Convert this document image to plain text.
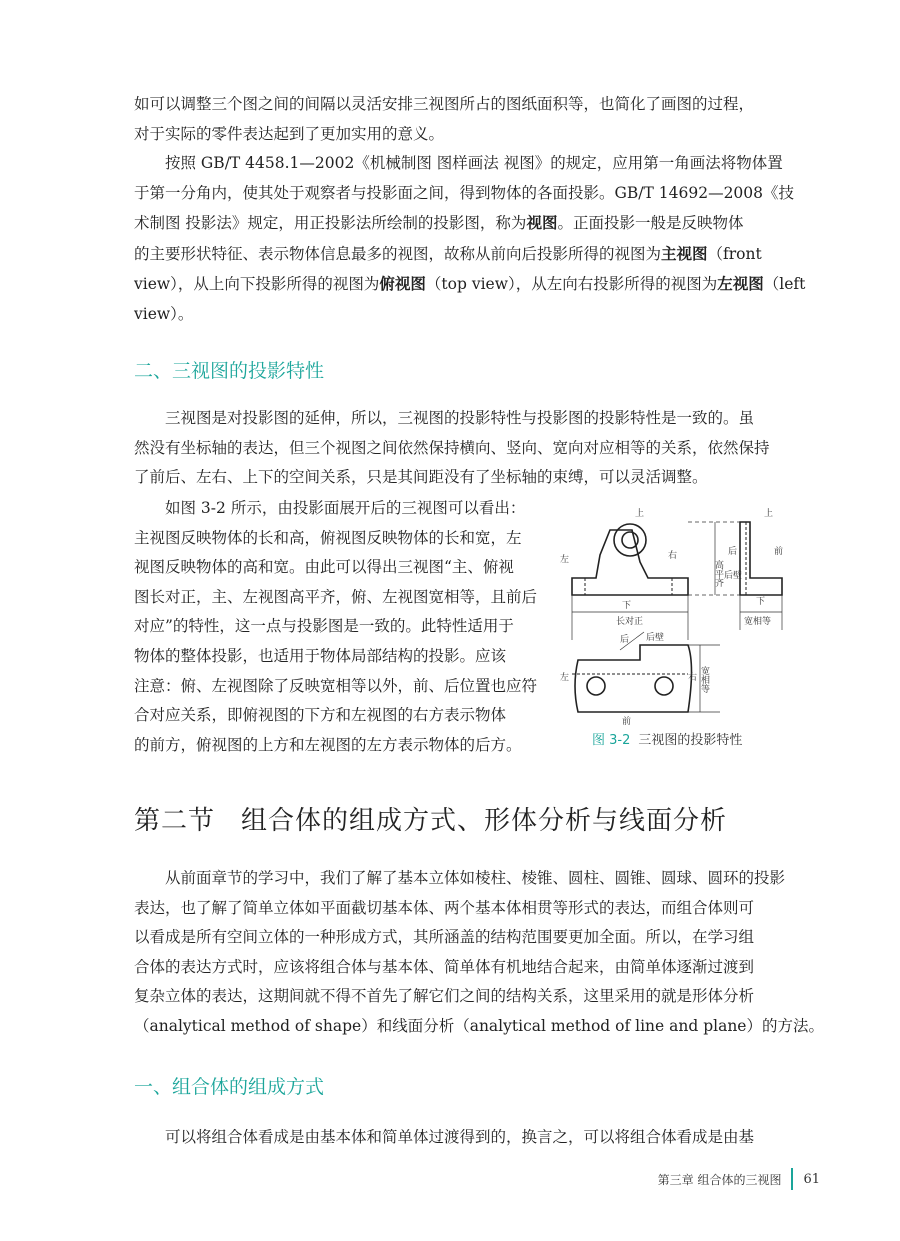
如可以调整三个图之间的间隔以灵活安排三视图所占的图纸面积等，也简化了画图的过程，
对于实际的零件表达起到了更加实用的意义。
按照 GB/T 4458.1—2002《机械制图 图样画法 视图》的规定，应用第一角画法将物体置
于第一分角内，使其处于观察者与投影面之间，得到物体的各面投影。GB/T 14692—2008《技
术制图 投影法》规定，用正投影法所绘制的投影图，称为视图。正面投影一般是反映物体
的主要形状特征、表示物体信息最多的视图，故称从前向后投影所得的视图为主视图（front
view），从上向下投影所得的视图为俯视图（top view），从左向右投影所得的视图为左视图（left
view）。
二、三视图的投影特性
三视图是对投影图的延伸，所以，三视图的投影特性与投影图的投影特性是一致的。虽
然没有坐标轴的表达，但三个视图之间依然保持横向、竖向、宽向对应相等的关系，依然保持
了前后、左右、上下的空间关系，只是其间距没有了坐标轴的束缚，可以灵活调整。
如图 3-2 所示，由投影面展开后的三视图可以看出：
主视图反映物体的长和高，俯视图反映物体的长和宽，左
视图反映物体的高和宽。由此可以得出三视图“主、俯视
图长对正，主、左视图高平齐，俯、左视图宽相等，且前后
对应”的特性，这一点与投影图是一致的。此特性适用于
物体的整体投影，也适用于物体局部结构的投影。应该
注意：俯、左视图除了反映宽相等以外，前、后位置也应符
合对应关系，即俯视图的下方和左视图的右方表示物体
的前方，俯视图的上方和左视图的左方表示物体的后方。
上
左	右
下
长对正
高平齐
后	前
上
后壁
下
宽相等
后 后壁
左	右
前
宽相等
图 3-2 三视图的投影特性
第二节 组合体的组成方式、形体分析与线面分析
从前面章节的学习中，我们了解了基本立体如棱柱、棱锥、圆柱、圆锥、圆球、圆环的投影
表达，也了解了简单立体如平面截切基本体、两个基本体相贯等形式的表达，而组合体则可
以看成是所有空间立体的一种形成方式，其所涵盖的结构范围要更加全面。所以，在学习组
合体的表达方式时，应该将组合体与基本体、简单体有机地结合起来，由简单体逐渐过渡到
复杂立体的表达，这期间就不得不首先了解它们之间的结构关系，这里采用的就是形体分析
（analytical method of shape）和线面分析（analytical method of line and plane）的方法。
一、组合体的组成方式
可以将组合体看成是由基本体和简单体过渡得到的，换言之，可以将组合体看成是由基
第三章 组合体的三视图 61
